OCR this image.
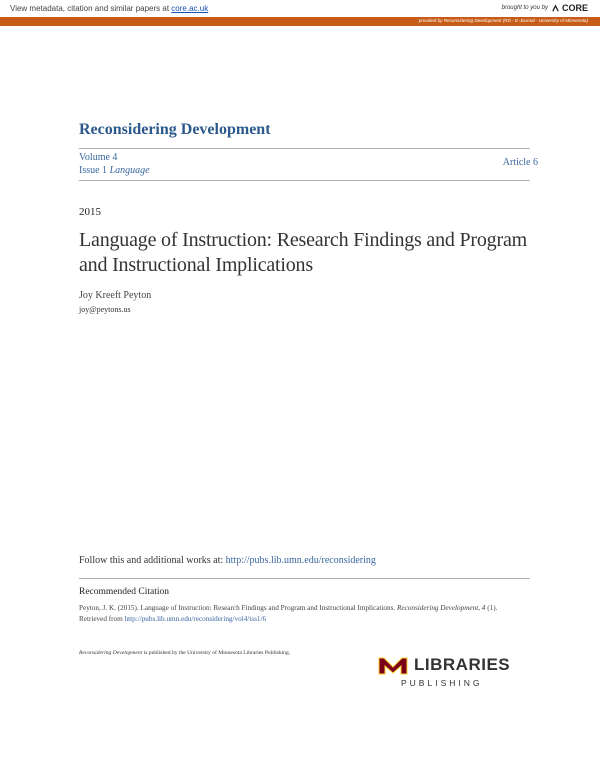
View metadata, citation and similar papers at core.ac.uk	brought to you by CORE
provided by Reconsidering Development (RD - E-Journal - University of Minnesota)
Reconsidering Development
Volume 4
Issue 1 Language
Article 6
2015
Language of Instruction: Research Findings and Program and Instructional Implications
Joy Kreeft Peyton
joy@peytons.us
Follow this and additional works at: http://pubs.lib.umn.edu/reconsidering
Recommended Citation
Peyton, J. K. (2015). Language of Instruction: Research Findings and Program and Instructional Implications. Reconsidering Development, 4 (1). Retrieved from http://pubs.lib.umn.edu/reconsidering/vol4/iss1/6
Reconsidering Development is published by the University of Minnesota Libraries Publishing.
LIBRARIES
PUBLISHING
